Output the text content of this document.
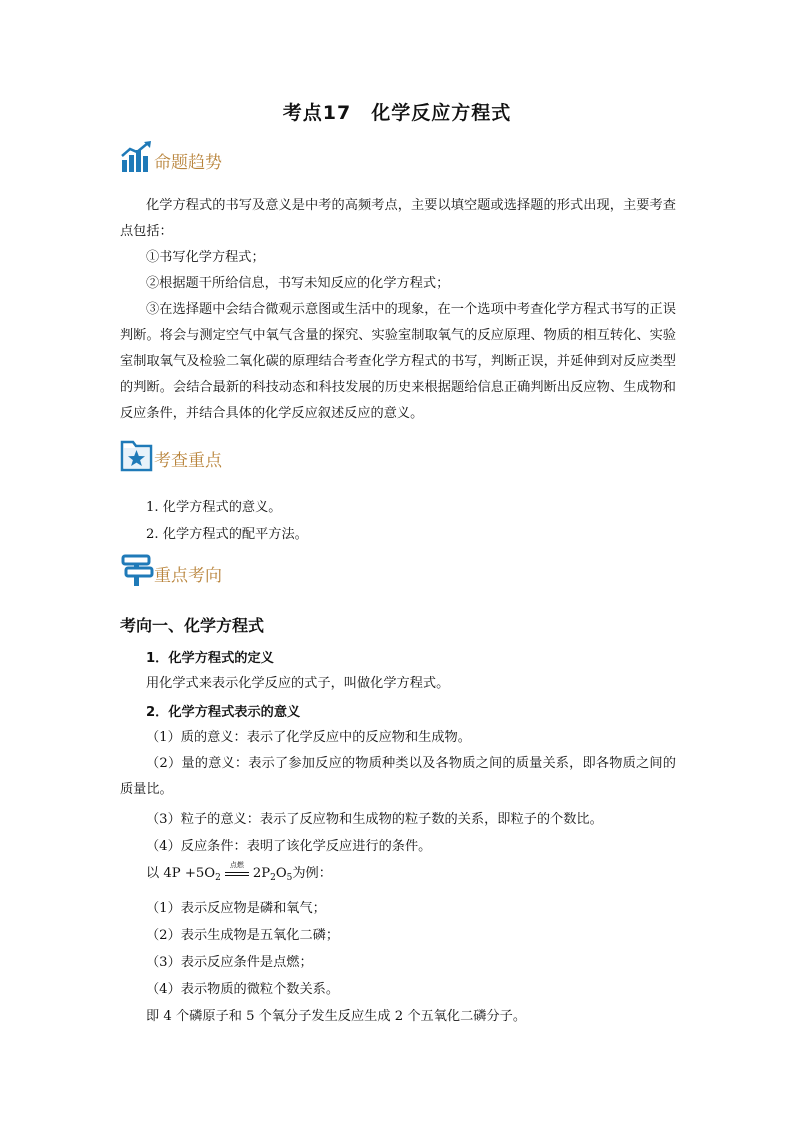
考点17　化学反应方程式
命题趋势
化学方程式的书写及意义是中考的高频考点，主要以填空题或选择题的形式出现，主要考查点包括：
①书写化学方程式；
②根据题干所给信息，书写未知反应的化学方程式；
③在选择题中会结合微观示意图或生活中的现象，在一个选项中考查化学方程式书写的正误判断。将会与测定空气中氧气含量的探究、实验室制取氧气的反应原理、物质的相互转化、实验室制取氧气及检验二氧化碳的原理结合考查化学方程式的书写，判断正误，并延伸到对反应类型的判断。会结合最新的科技动态和科技发展的历史来根据题给信息正确判断出反应物、生成物和反应条件，并结合具体的化学反应叙述反应的意义。
考查重点
1. 化学方程式的意义。
2. 化学方程式的配平方法。
重点考向
考向一、化学方程式
1．化学方程式的定义
用化学式来表示化学反应的式子，叫做化学方程式。
2．化学方程式表示的意义
（1）质的意义：表示了化学反应中的反应物和生成物。
（2）量的意义：表示了参加反应的物质种类以及各物质之间的质量关系，即各物质之间的质量比。
（3）粒子的意义：表示了反应物和生成物的粒子数的关系，即粒子的个数比。
（4）反应条件：表明了该化学反应进行的条件。
以 $4P +5O_2$
点燃
$2P_2O_5$为例：
（1）表示反应物是磷和氧气；
（2）表示生成物是五氧化二磷；
（3）表示反应条件是点燃；
（4）表示物质的微粒个数关系。
即 4 个磷原子和 5 个氧分子发生反应生成 2 个五氧化二磷分子。
